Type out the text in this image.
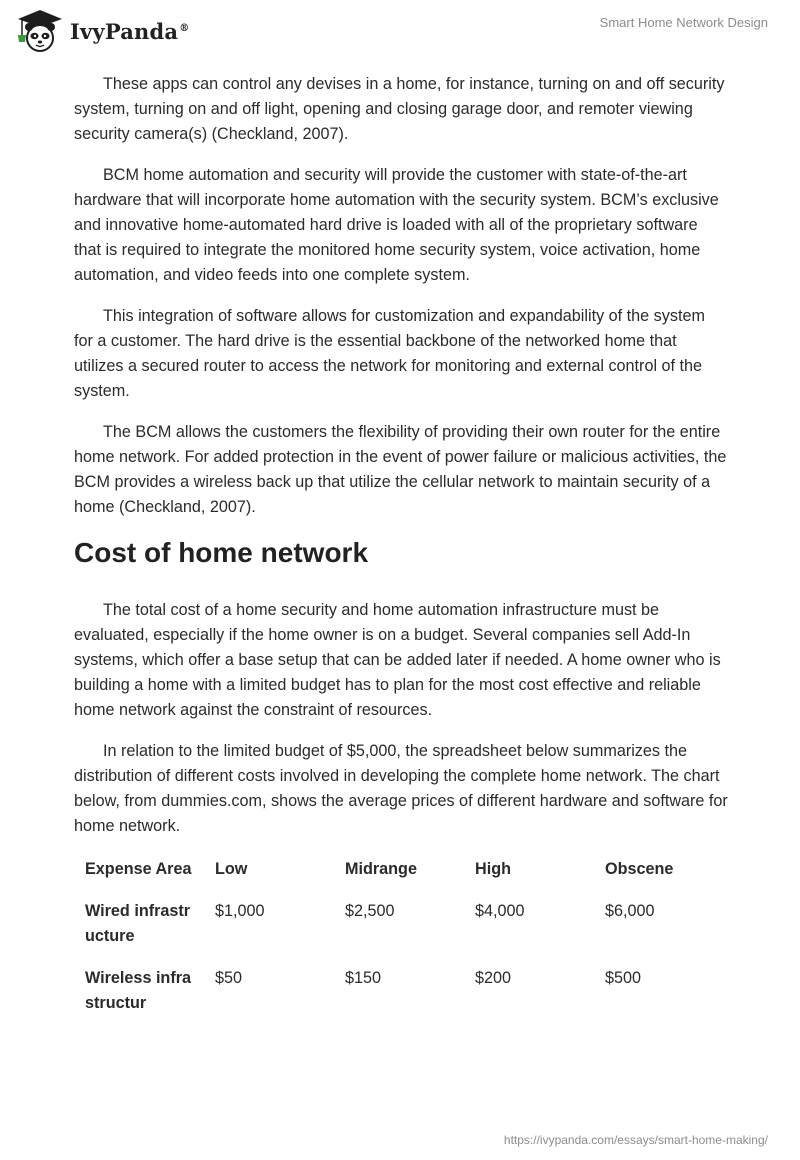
IvyPanda®	Smart Home Network Design

These apps can control any devises in a home, for instance, turning on and off security system, turning on and off light, opening and closing garage door, and remoter viewing security camera(s) (Checkland, 2007).

BCM home automation and security will provide the customer with state-of-the-art hardware that will incorporate home automation with the security system. BCM’s exclusive and innovative home-automated hard drive is loaded with all of the proprietary software that is required to integrate the monitored home security system, voice activation, home automation, and video feeds into one complete system.

This integration of software allows for customization and expandability of the system for a customer. The hard drive is the essential backbone of the networked home that utilizes a secured router to access the network for monitoring and external control of the system.

The BCM allows the customers the flexibility of providing their own router for the entire home network. For added protection in the event of power failure or malicious activities, the BCM provides a wireless back up that utilize the cellular network to maintain security of a home (Checkland, 2007).

Cost of home network

The total cost of a home security and home automation infrastructure must be evaluated, especially if the home owner is on a budget. Several companies sell Add-In systems, which offer a base setup that can be added later if needed. A home owner who is building a home with a limited budget has to plan for the most cost effective and reliable home network against the constraint of resources.

In relation to the limited budget of $5,000, the spreadsheet below summarizes the distribution of different costs involved in developing the complete home network. The chart below, from dummies.com, shows the average prices of different hardware and software for home network.

Expense Area	Low	Midrange	High	Obscene
Wired infrastructure	$1,000	$2,500	$4,000	$6,000
Wireless infrastructur	$50	$150	$200	$500
https://ivypanda.com/essays/smart-home-making/
